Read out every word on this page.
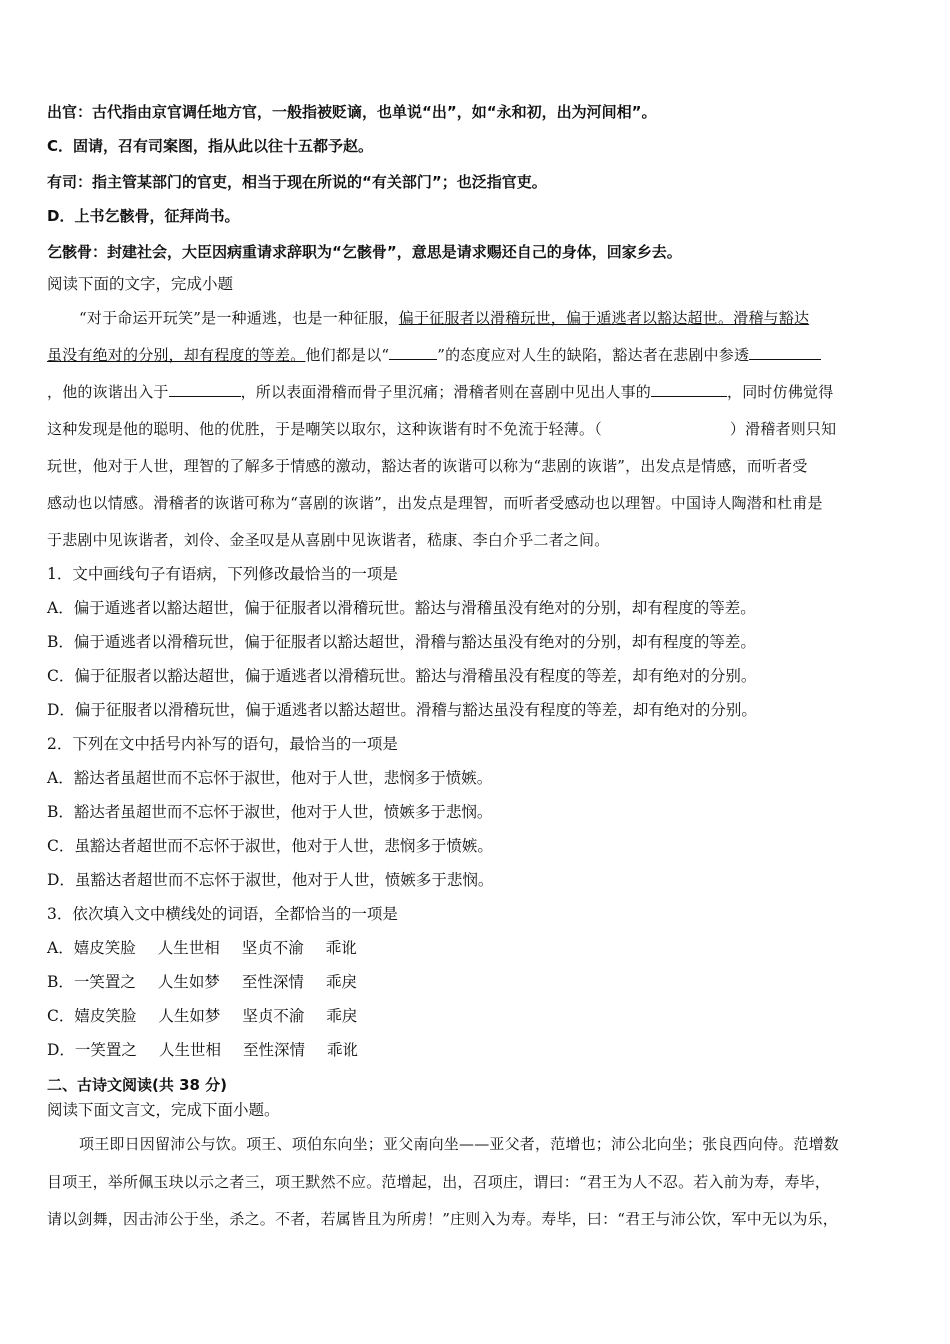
出官：古代指由京官调任地方官，一般指被贬谪，也单说“出”，如“永和初，出为河间相”。
C．固请，召有司案图，指从此以往十五都予赵。
有司：指主管某部门的官吏，相当于现在所说的“有关部门”；也泛指官吏。
D．上书乞骸骨，征拜尚书。
乞骸骨：封建社会，大臣因病重请求辞职为“乞骸骨”，意思是请求赐还自己的身体，回家乡去。
阅读下面的文字，完成小题
“对于命运开玩笑”是一种遁逃，也是一种征服，偏于征服者以滑稽玩世，偏于遁逃者以豁达超世。滑稽与豁达
虽没有绝对的分别，却有程度的等差。他们都是以“	”的态度应对人生的缺陷，豁达者在悲剧中参透
，他的诙谐出入于	，所以表面滑稽而骨子里沉痛；滑稽者则在喜剧中见出人事的	，同时仿佛觉得
这种发现是他的聪明、他的优胜，于是嘲笑以取尔，这种诙谐有时不免流于轻薄。（	）滑稽者则只知
玩世，他对于人世，理智的了解多于情感的激动，豁达者的诙谐可以称为“悲剧的诙谐”，出发点是情感，而听者受
感动也以情感。滑稽者的诙谐可称为“喜剧的诙谐”，出发点是理智，而听者受感动也以理智。中国诗人陶潜和杜甫是
于悲剧中见诙谐者，刘伶、金圣叹是从喜剧中见诙谐者，嵇康、李白介乎二者之间。
1．文中画线句子有语病，下列修改最恰当的一项是
A．偏于遁逃者以豁达超世，偏于征服者以滑稽玩世。豁达与滑稽虽没有绝对的分别，却有程度的等差。
B．偏于遁逃者以滑稽玩世，偏于征服者以豁达超世，滑稽与豁达虽没有绝对的分别，却有程度的等差。
C．偏于征服者以豁达超世，偏于遁逃者以滑稽玩世。豁达与滑稽虽没有程度的等差，却有绝对的分别。
D．偏于征服者以滑稽玩世，偏于遁逃者以豁达超世。滑稽与豁达虽没有程度的等差，却有绝对的分别。
2．下列在文中括号内补写的语句，最恰当的一项是
A．豁达者虽超世而不忘怀于淑世，他对于人世，悲悯多于愤嫉。
B．豁达者虽超世而不忘怀于淑世，他对于人世，愤嫉多于悲悯。
C．虽豁达者超世而不忘怀于淑世，他对于人世，悲悯多于愤嫉。
D．虽豁达者超世而不忘怀于淑世，他对于人世，愤嫉多于悲悯。
3．依次填入文中横线处的词语，全都恰当的一项是
A．嬉皮笑脸 人生世相 坚贞不渝 乖讹
B．一笑置之 人生如梦 至性深情 乖戾
C．嬉皮笑脸 人生如梦 坚贞不渝 乖戾
D．一笑置之 人生世相 至性深情 乖讹
二、古诗文阅读(共 38 分)
阅读下面文言文，完成下面小题。
项王即日因留沛公与饮。项王、项伯东向坐；亚父南向坐——亚父者，范增也；沛公北向坐；张良西向侍。范增数
目项王，举所佩玉玦以示之者三，项王默然不应。范增起，出，召项庄，谓曰：“君王为人不忍。若入前为寿，寿毕，
请以剑舞，因击沛公于坐，杀之。不者，若属皆且为所虏！”庄则入为寿。寿毕，曰：“君王与沛公饮，军中无以为乐，
